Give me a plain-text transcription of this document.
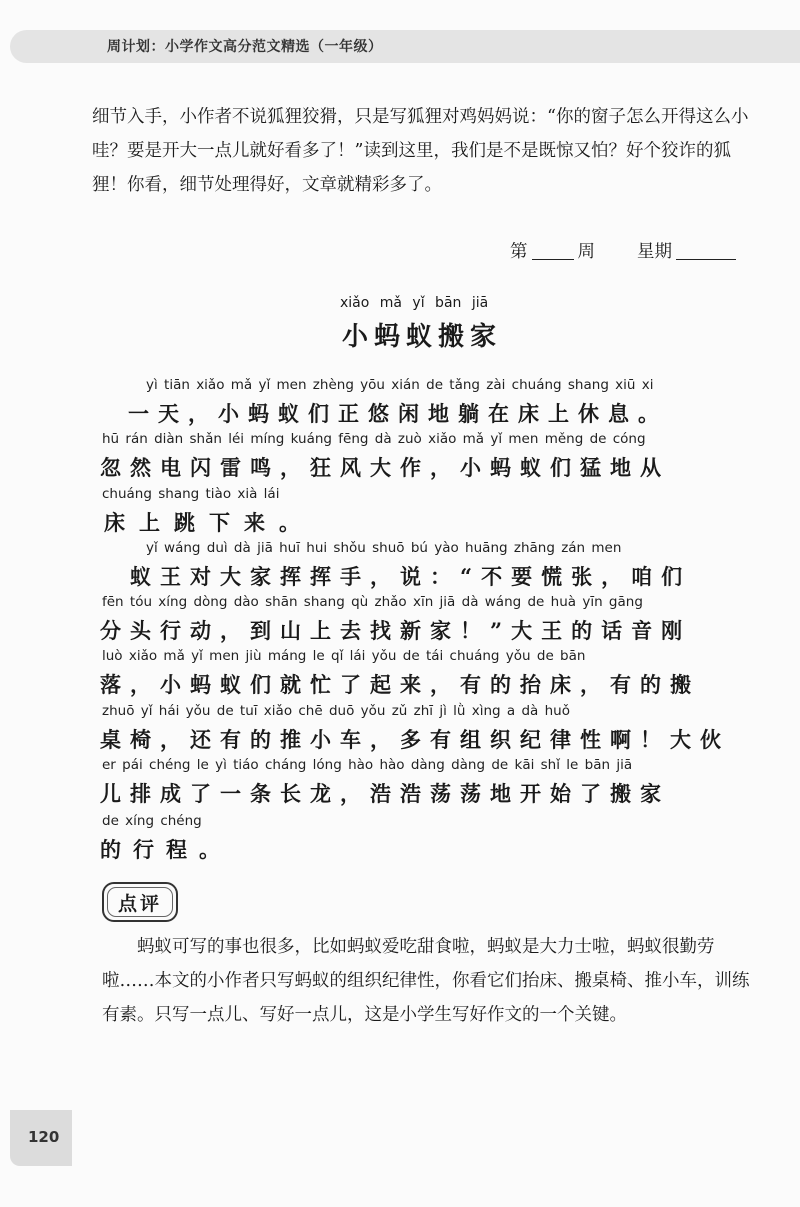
周计划：小学作文高分范文精选（一年级）

细节入手，小作者不说狐狸狡猾，只是写狐狸对鸡妈妈说：“你的窗子怎么开得这么小哇？要是开大一点儿就好看多了！”读到这里，我们是不是既惊又怕？好个狡诈的狐狸！你看，细节处理得好，文章就精彩多了。

第	周 星期
xiǎo mǎ yǐ bān jiā
小蚂蚁搬家
yì tiān xiǎo mǎ yǐ men zhèng yōu xián de tǎng zài chuáng shang xiū xi
一天，小蚂蚁们正悠闲地躺在床上休息。
hū rán diàn shǎn léi míng kuáng fēng dà zuò xiǎo mǎ yǐ men měng de cóng
忽然电闪雷鸣，狂风大作，小蚂蚁们猛地从
chuáng shang tiào xià lái
床上跳下来。
yǐ wáng duì dà jiā huī hui shǒu shuō bú yào huāng zhāng zán men
蚁王对大家挥挥手，说：“不要慌张，咱们
fēn tóu xíng dòng dào shān shang qù zhǎo xīn jiā dà wáng de huà yīn gāng
分头行动，到山上去找新家！”大王的话音刚
luò xiǎo mǎ yǐ men jiù máng le qǐ lái yǒu de tái chuáng yǒu de bān
落，小蚂蚁们就忙了起来，有的抬床，有的搬
zhuō yǐ hái yǒu de tuī xiǎo chē duō yǒu zǔ zhī jì lǜ xìng a dà huǒ
桌椅，还有的推小车，多有组织纪律性啊！大伙
er pái chéng le yì tiáo cháng lóng hào hào dàng dàng de kāi shǐ le bān jiā
儿排成了一条长龙，浩浩荡荡地开始了搬家
de xíng chéng
的行程。
点评

蚂蚁可写的事也很多，比如蚂蚁爱吃甜食啦，蚂蚁是大力士啦，蚂蚁很勤劳啦……本文的小作者只写蚂蚁的组织纪律性，你看它们抬床、搬桌椅、推小车，训练有素。只写一点儿、写好一点儿，这是小学生写好作文的一个关键。

120
